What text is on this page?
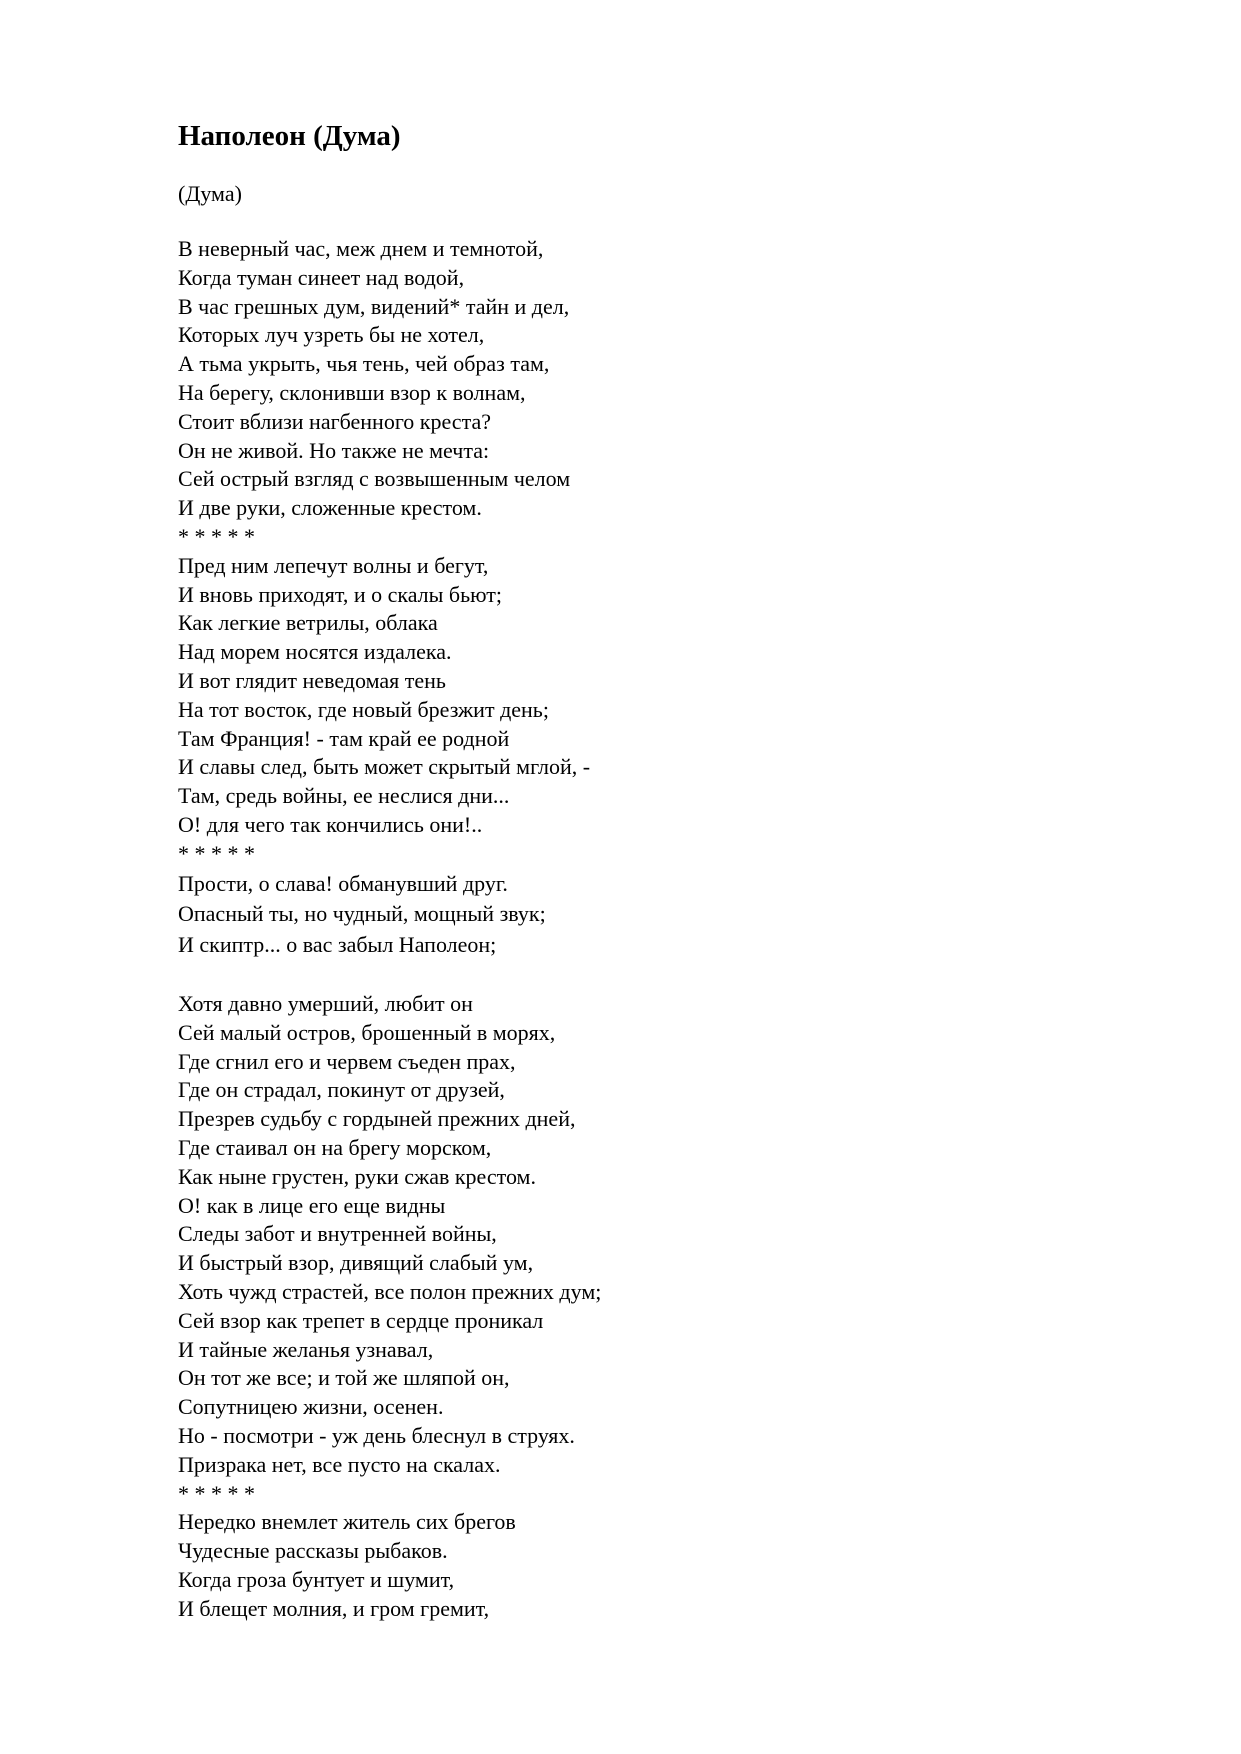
Наполеон (Дума)
(Дума)
В неверный час, меж днем и темнотой,
Когда туман синеет над водой,
В час грешных дум, видений* тайн и дел,
Которых луч узреть бы не хотел,
А тьма укрыть, чья тень, чей образ там,
На берегу, склонивши взор к волнам,
Стоит вблизи нагбенного креста?
Он не живой. Но также не мечта:
Сей острый взгляд с возвышенным челом
И две руки, сложенные крестом.
* * * * *
Пред ним лепечут волны и бегут,
И вновь приходят, и о скалы бьют;
Как легкие ветрилы, облака
Над морем носятся издалека.
И вот глядит неведомая тень
На тот восток, где новый брезжит день;
Там Франция! - там край ее родной
И славы след, быть может скрытый мглой, -
Там, средь войны, ее неслися дни...
О! для чего так кончились они!..
* * * * *
Прости, о слава! обманувший друг.
Опасный ты, но чудный, мощный звук;
И скиптр... о вас забыл Наполеон;
Хотя давно умерший, любит он
Сей малый остров, брошенный в морях,
Где сгнил его и червем съеден прах,
Где он страдал, покинут от друзей,
Презрев судьбу с гордыней прежних дней,
Где стаивал он на брегу морском,
Как ныне грустен, руки сжав крестом.
О! как в лице его еще видны
Следы забот и внутренней войны,
И быстрый взор, дивящий слабый ум,
Хоть чужд страстей, все полон прежних дум;
Сей взор как трепет в сердце проникал
И тайные желанья узнавал,
Он тот же все; и той же шляпой он,
Сопутницею жизни, осенен.
Но - посмотри - уж день блеснул в струях.
Призрака нет, все пусто на скалах.
* * * * *
Нередко внемлет житель сих брегов
Чудесные рассказы рыбаков.
Когда гроза бунтует и шумит,
И блещет молния, и гром гремит,
